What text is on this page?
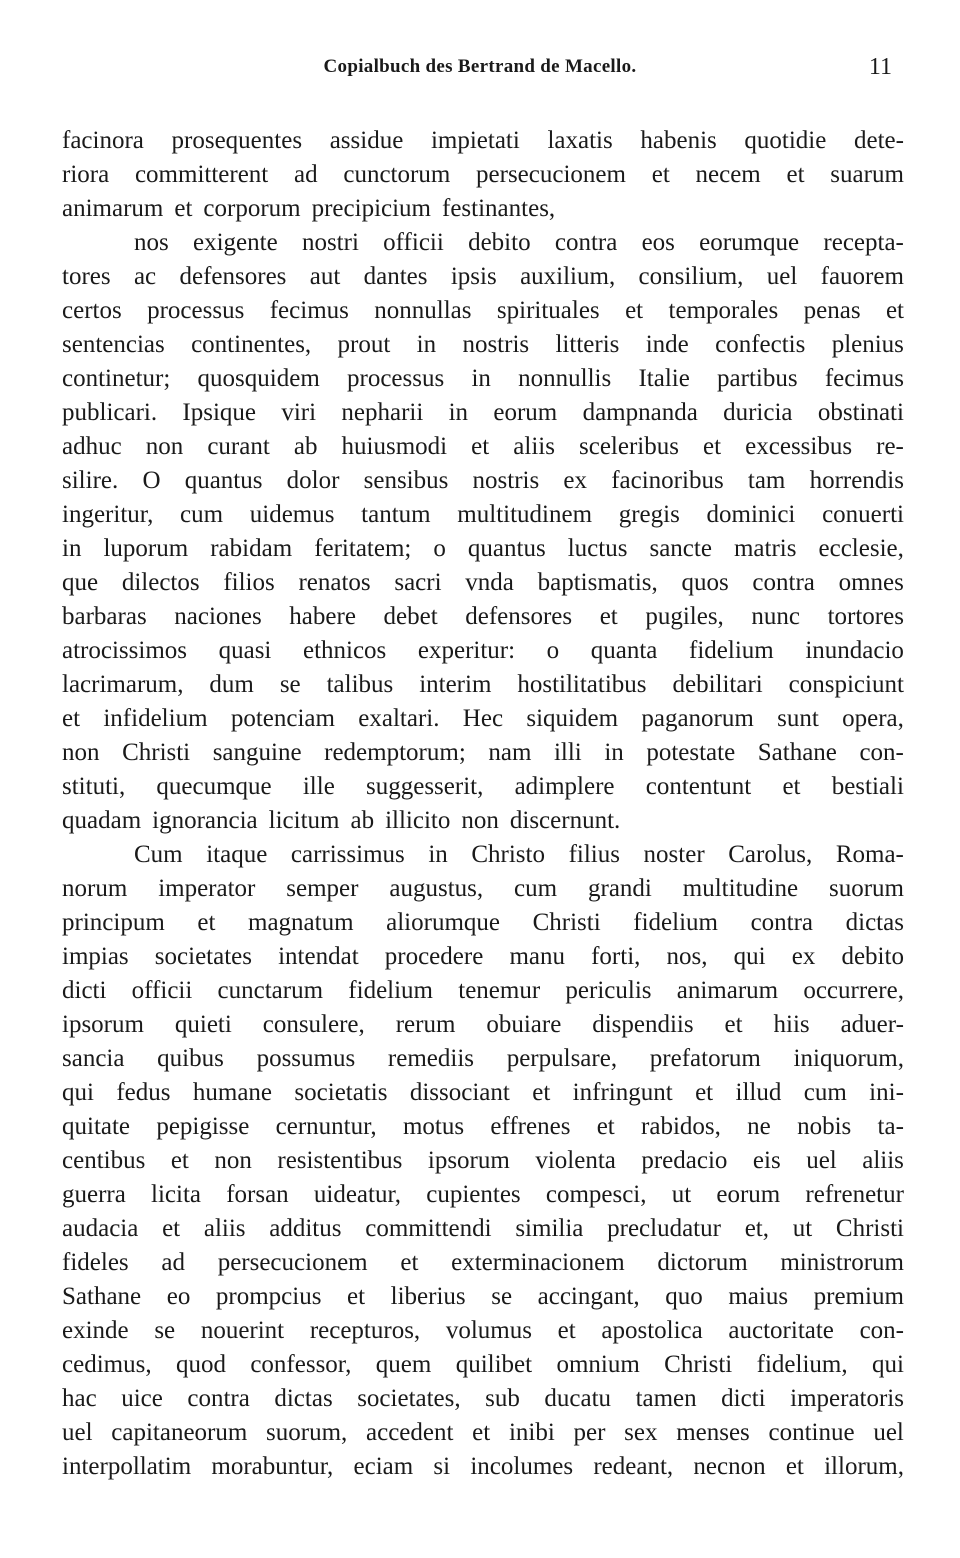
Copialbuch des Bertrand de Macello.	11
facinora prosequentes assidue impietati laxatis habenis quotidie dete-
riora committerent ad cunctorum persecucionem et necem et suarum
animarum et corporum precipicium festinantes,
nos exigente nostri officii debito contra eos eorumque recepta-
tores ac defensores aut dantes ipsis auxilium, consilium, uel fauorem
certos processus fecimus nonnullas spirituales et temporales penas et
sentencias continentes, prout in nostris litteris inde confectis plenius
continetur; quosquidem processus in nonnullis Italie partibus fecimus
publicari. Ipsique viri nepharii in eorum dampnanda duricia obstinati
adhuc non curant ab huiusmodi et aliis sceleribus et excessibus re-
silire. O quantus dolor sensibus nostris ex facinoribus tam horrendis
ingeritur, cum uidemus tantum multitudinem gregis dominici conuerti
in luporum rabidam feritatem; o quantus luctus sancte matris ecclesie,
que dilectos filios renatos sacri vnda baptismatis, quos contra omnes
barbaras naciones habere debet defensores et pugiles, nunc tortores
atrocissimos quasi ethnicos experitur: o quanta fidelium inundacio
lacrimarum, dum se talibus interim hostilitatibus debilitari conspiciunt
et infidelium potenciam exaltari. Hec siquidem paganorum sunt opera,
non Christi sanguine redemptorum; nam illi in potestate Sathane con-
stituti, quecumque ille suggesserit, adimplere contentunt et bestiali
quadam ignorancia licitum ab illicito non discernunt.
Cum itaque carrissimus in Christo filius noster Carolus, Roma-
norum imperator semper augustus, cum grandi multitudine suorum
principum et magnatum aliorumque Christi fidelium contra dictas
impias societates intendat procedere manu forti, nos, qui ex debito
dicti officii cunctarum fidelium tenemur periculis animarum occurrere,
ipsorum quieti consulere, rerum obuiare dispendiis et hiis aduer-
sancia quibus possumus remediis perpulsare, prefatorum iniquorum,
qui fedus humane societatis dissociant et infringunt et illud cum ini-
quitate pepigisse cernuntur, motus effrenes et rabidos, ne nobis ta-
centibus et non resistentibus ipsorum violenta predacio eis uel aliis
guerra licita forsan uideatur, cupientes compesci, ut eorum refrenetur
audacia et aliis additus committendi similia precludatur et, ut Christi
fideles ad persecucionem et exterminacionem dictorum ministrorum
Sathane eo prompcius et liberius se accingant, quo maius premium
exinde se nouerint recepturos, volumus et apostolica auctoritate con-
cedimus, quod confessor, quem quilibet omnium Christi fidelium, qui
hac uice contra dictas societates, sub ducatu tamen dicti imperatoris
uel capitaneorum suorum, accedent et inibi per sex menses continue uel
interpollatim morabuntur, eciam si incolumes redeant, necnon et illorum,
